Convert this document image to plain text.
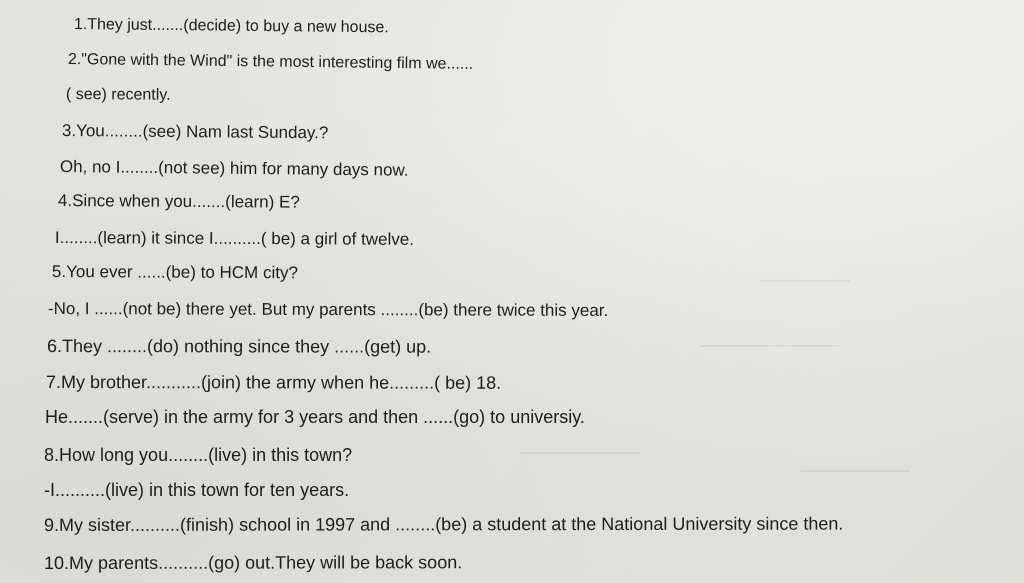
1.They just.......(decide) to buy a new house.
2."Gone with the Wind" is the most interesting film we......
( see) recently.
3.You........(see) Nam last Sunday.?
Oh, no I........(not see) him for many days now.
4.Since when you.......(learn) E?
I........(learn) it since I..........( be) a girl of twelve.
5.You ever ......(be) to HCM city?
-No, I ......(not be) there yet. But my parents ........(be) there twice this year.
6.They ........(do) nothing since they ......(get) up.
7.My brother...........(join) the army when he.........( be) 18.
He.......(serve) in the army for 3 years and then ......(go) to universiy.
8.How long you........(live) in this town?
-I..........(live) in this town for ten years.
9.My sister..........(finish) school in 1997 and ........(be) a student at the National University since then.
10.My parents..........(go) out.They will be back soon.
